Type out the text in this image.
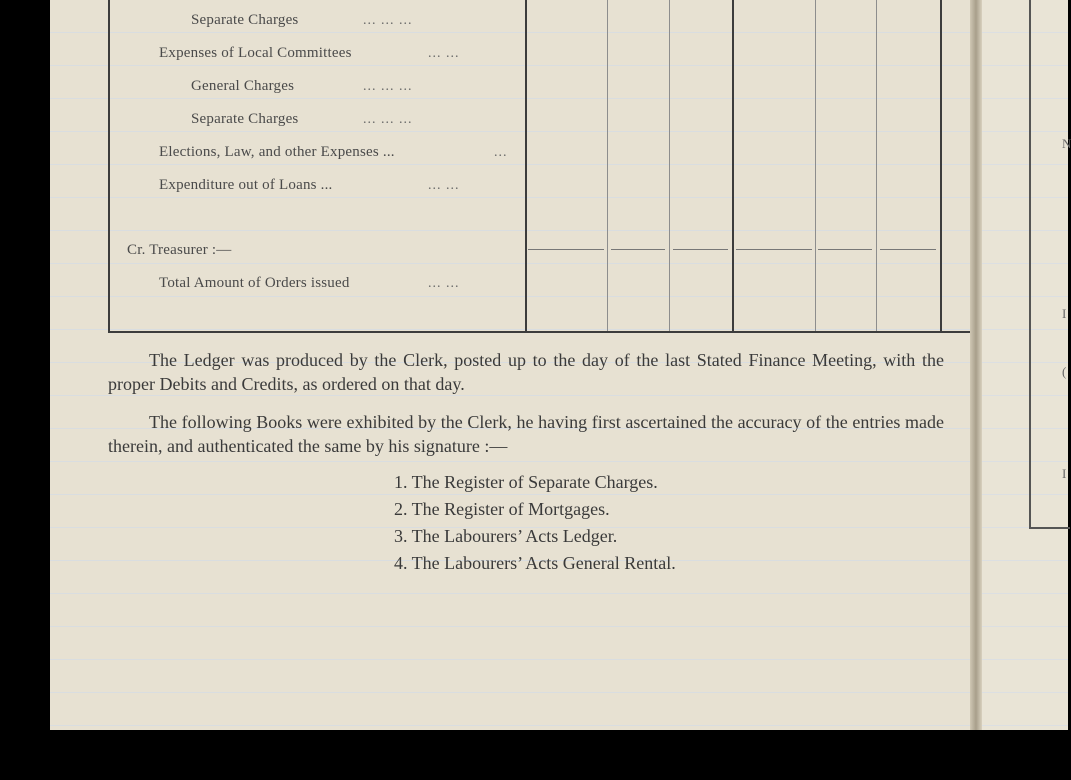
Separate Charges	... ... ...
Expenses of Local Committees	... ...
General Charges	... ... ...
Separate Charges	... ... ...
Elections, Law, and other Expenses ...	...
Expenditure out of Loans ...	... ...
Cr. Treasurer :—
Total Amount of Orders issued	... ...

The Ledger was produced by the Clerk, posted up to the day of the last Stated Finance Meeting, with the proper Debits and Credits, as ordered on that day.

The following Books were exhibited by the Clerk, he having first ascertained the accuracy of the entries made therein, and authenticated the same by his signature :—

1. The Register of Separate Charges.
2. The Register of Mortgages.
3. The Labourers’ Acts Ledger.
4. The Labourers’ Acts General Rental.
N
I
(
I
